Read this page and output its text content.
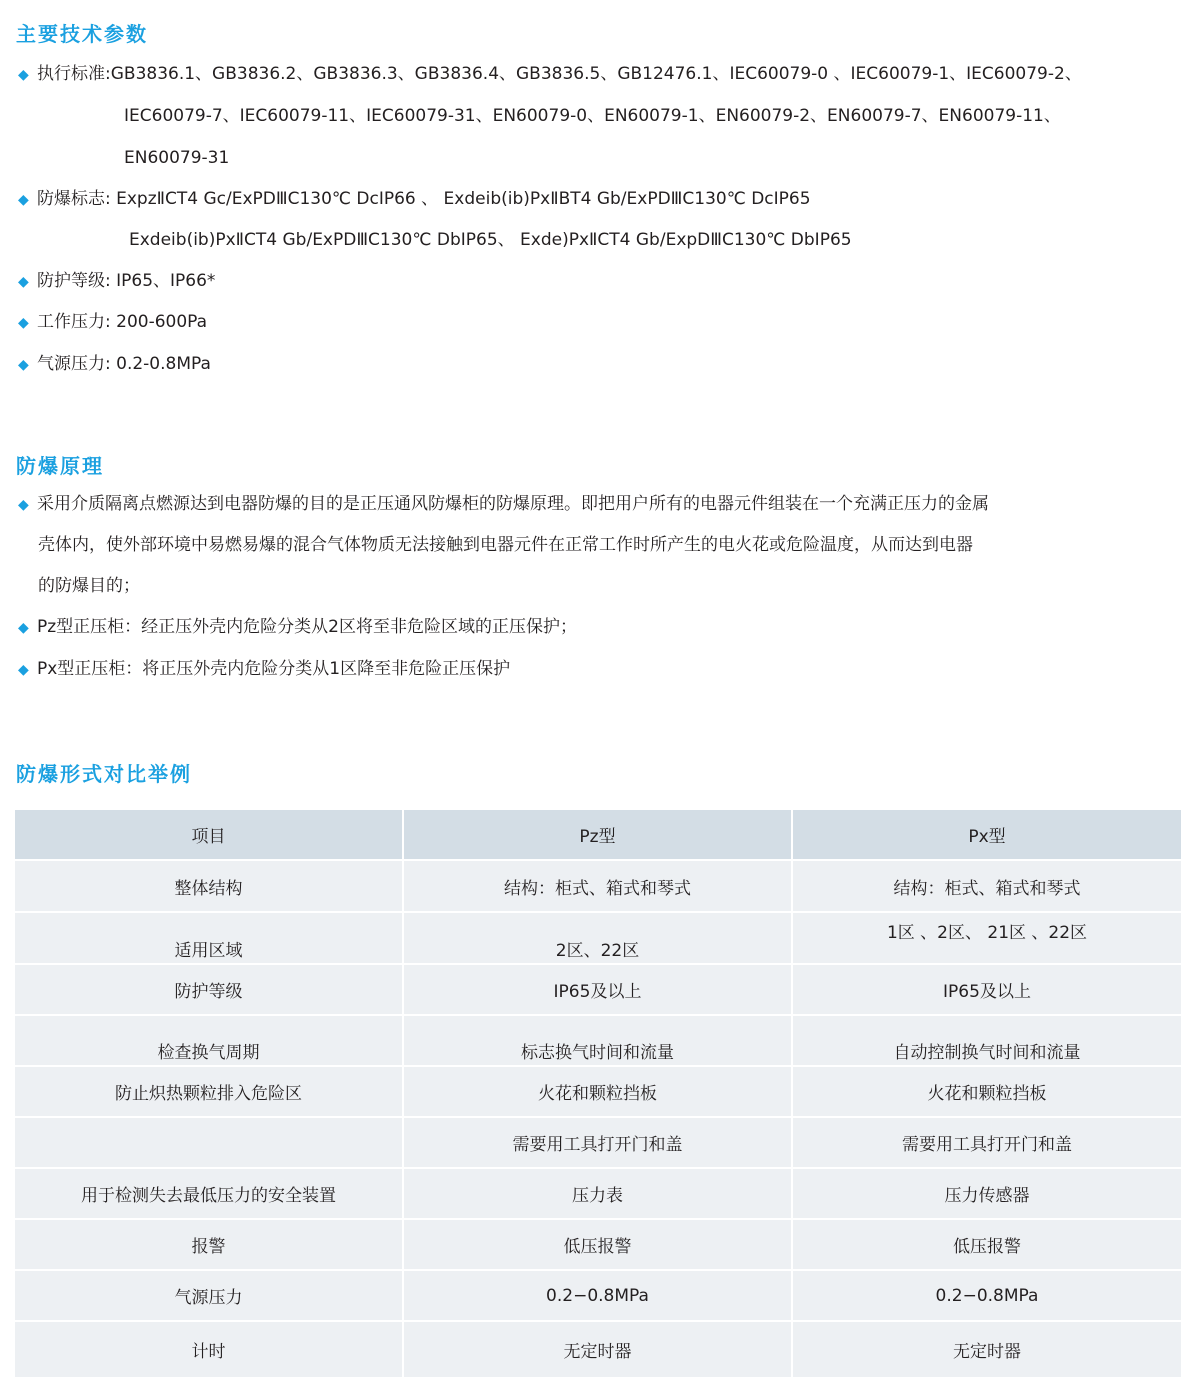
主要技术参数
◆ 执行标准:GB3836.1、GB3836.2、GB3836.3、GB3836.4、GB3836.5、GB12476.1、IEC60079-0 、IEC60079-1、IEC60079-2、
IEC60079-7、IEC60079-11、IEC60079-31、EN60079-0、EN60079-1、EN60079-2、EN60079-7、EN60079-11、
EN60079-31
◆ 防爆标志: ExpzⅡCT4 Gc/ExPDⅢC130℃ DcIP66 、 Exdeib(ib)PxⅡBT4 Gb/ExPDⅢC130℃ DcIP65
Exdeib(ib)PxⅡCT4 Gb/ExPDⅢC130℃ DbIP65、 Exde)PxⅡCT4 Gb/ExpDⅢC130℃ DbIP65
◆ 防护等级: IP65、IP66*
◆ 工作压力: 200-600Pa
◆ 气源压力: 0.2-0.8MPa
防爆原理
◆ 采用介质隔离点燃源达到电器防爆的目的是正压通风防爆柜的防爆原理。即把用户所有的电器元件组装在一个充满正压力的金属
壳体内，使外部环境中易燃易爆的混合气体物质无法接触到电器元件在正常工作时所产生的电火花或危险温度，从而达到电器
的防爆目的；
◆ Pz型正压柜：经正压外壳内危险分类从2区将至非危险区域的正压保护；
◆ Px型正压柜：将正压外壳内危险分类从1区降至非危险正压保护
防爆形式对比举例
项目	Pz型	Px型
整体结构	结构：柜式、箱式和琴式	结构：柜式、箱式和琴式
适用区域	2区、22区	1区 、2区、 21区 、22区
防护等级	IP65及以上	IP65及以上
检查换气周期	标志换气时间和流量	自动控制换气时间和流量
防止炽热颗粒排入危险区	火花和颗粒挡板	火花和颗粒挡板
	需要用工具打开门和盖	需要用工具打开门和盖
用于检测失去最低压力的安全装置	压力表	压力传感器
报警	低压报警	低压报警
气源压力	0.2−0.8MPa	0.2−0.8MPa
计时	无定时器	无定时器
